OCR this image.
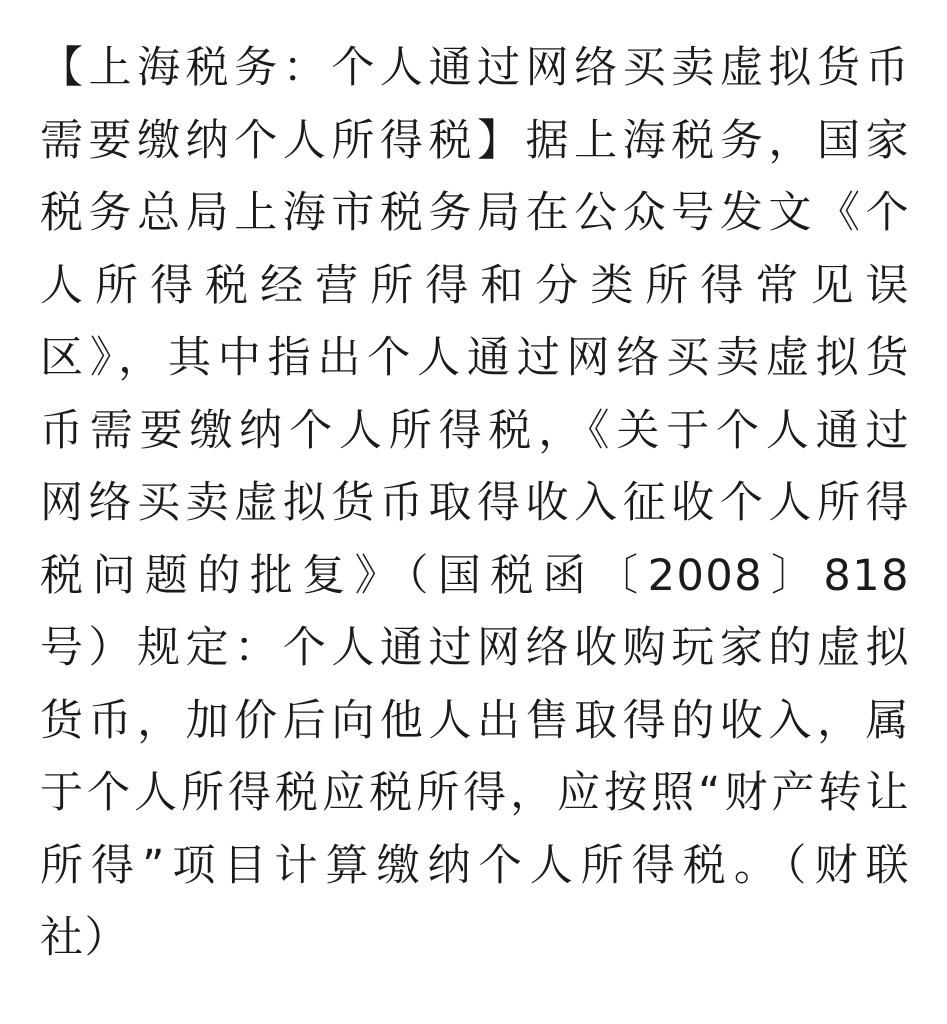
【上海税务：个人通过网络买卖虚拟货币
需要缴纳个人所得税】据上海税务，国家
税务总局上海市税务局在公众号发文《个
人所得税经营所得和分类所得常见误
区》，其中指出个人通过网络买卖虚拟货
币需要缴纳个人所得税，《关于个人通过
网络买卖虚拟货币取得收入征收个人所得
税问题的批复》（国税函〔2008〕818
号）规定：个人通过网络收购玩家的虚拟
货币，加价后向他人出售取得的收入，属
于个人所得税应税所得，应按照“财产转让
所得”项目计算缴纳个人所得税。（财联
社）
